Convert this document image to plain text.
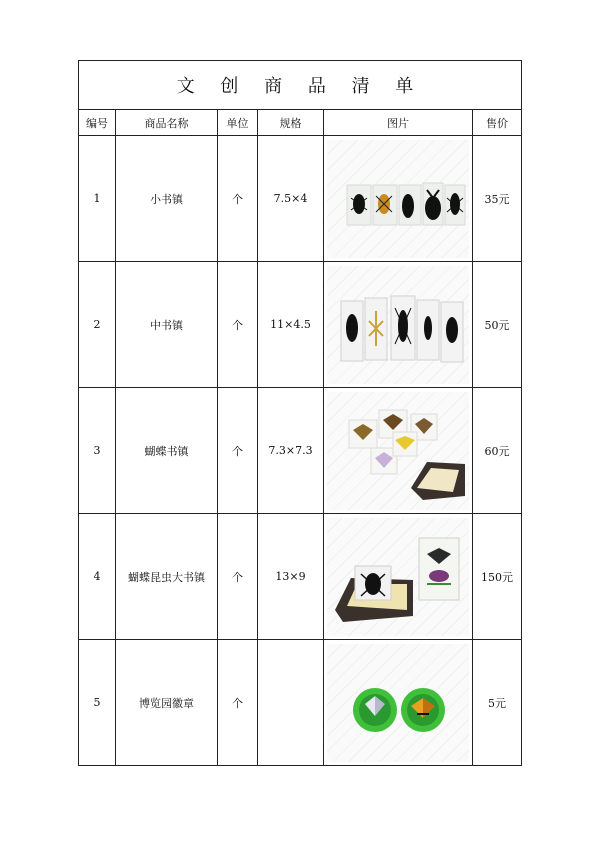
文 创 商 品 清 单					
编号	商品名称	单位	规格	图片	售价
1	小书镇	个	7.5×4		35元
2	中书镇	个	11×4.5		50元
3	蝴蝶书镇	个	7.3×7.3		60元
4	蝴蝶昆虫大书镇	个	13×9		150元
5	博览园徽章	个			5元
